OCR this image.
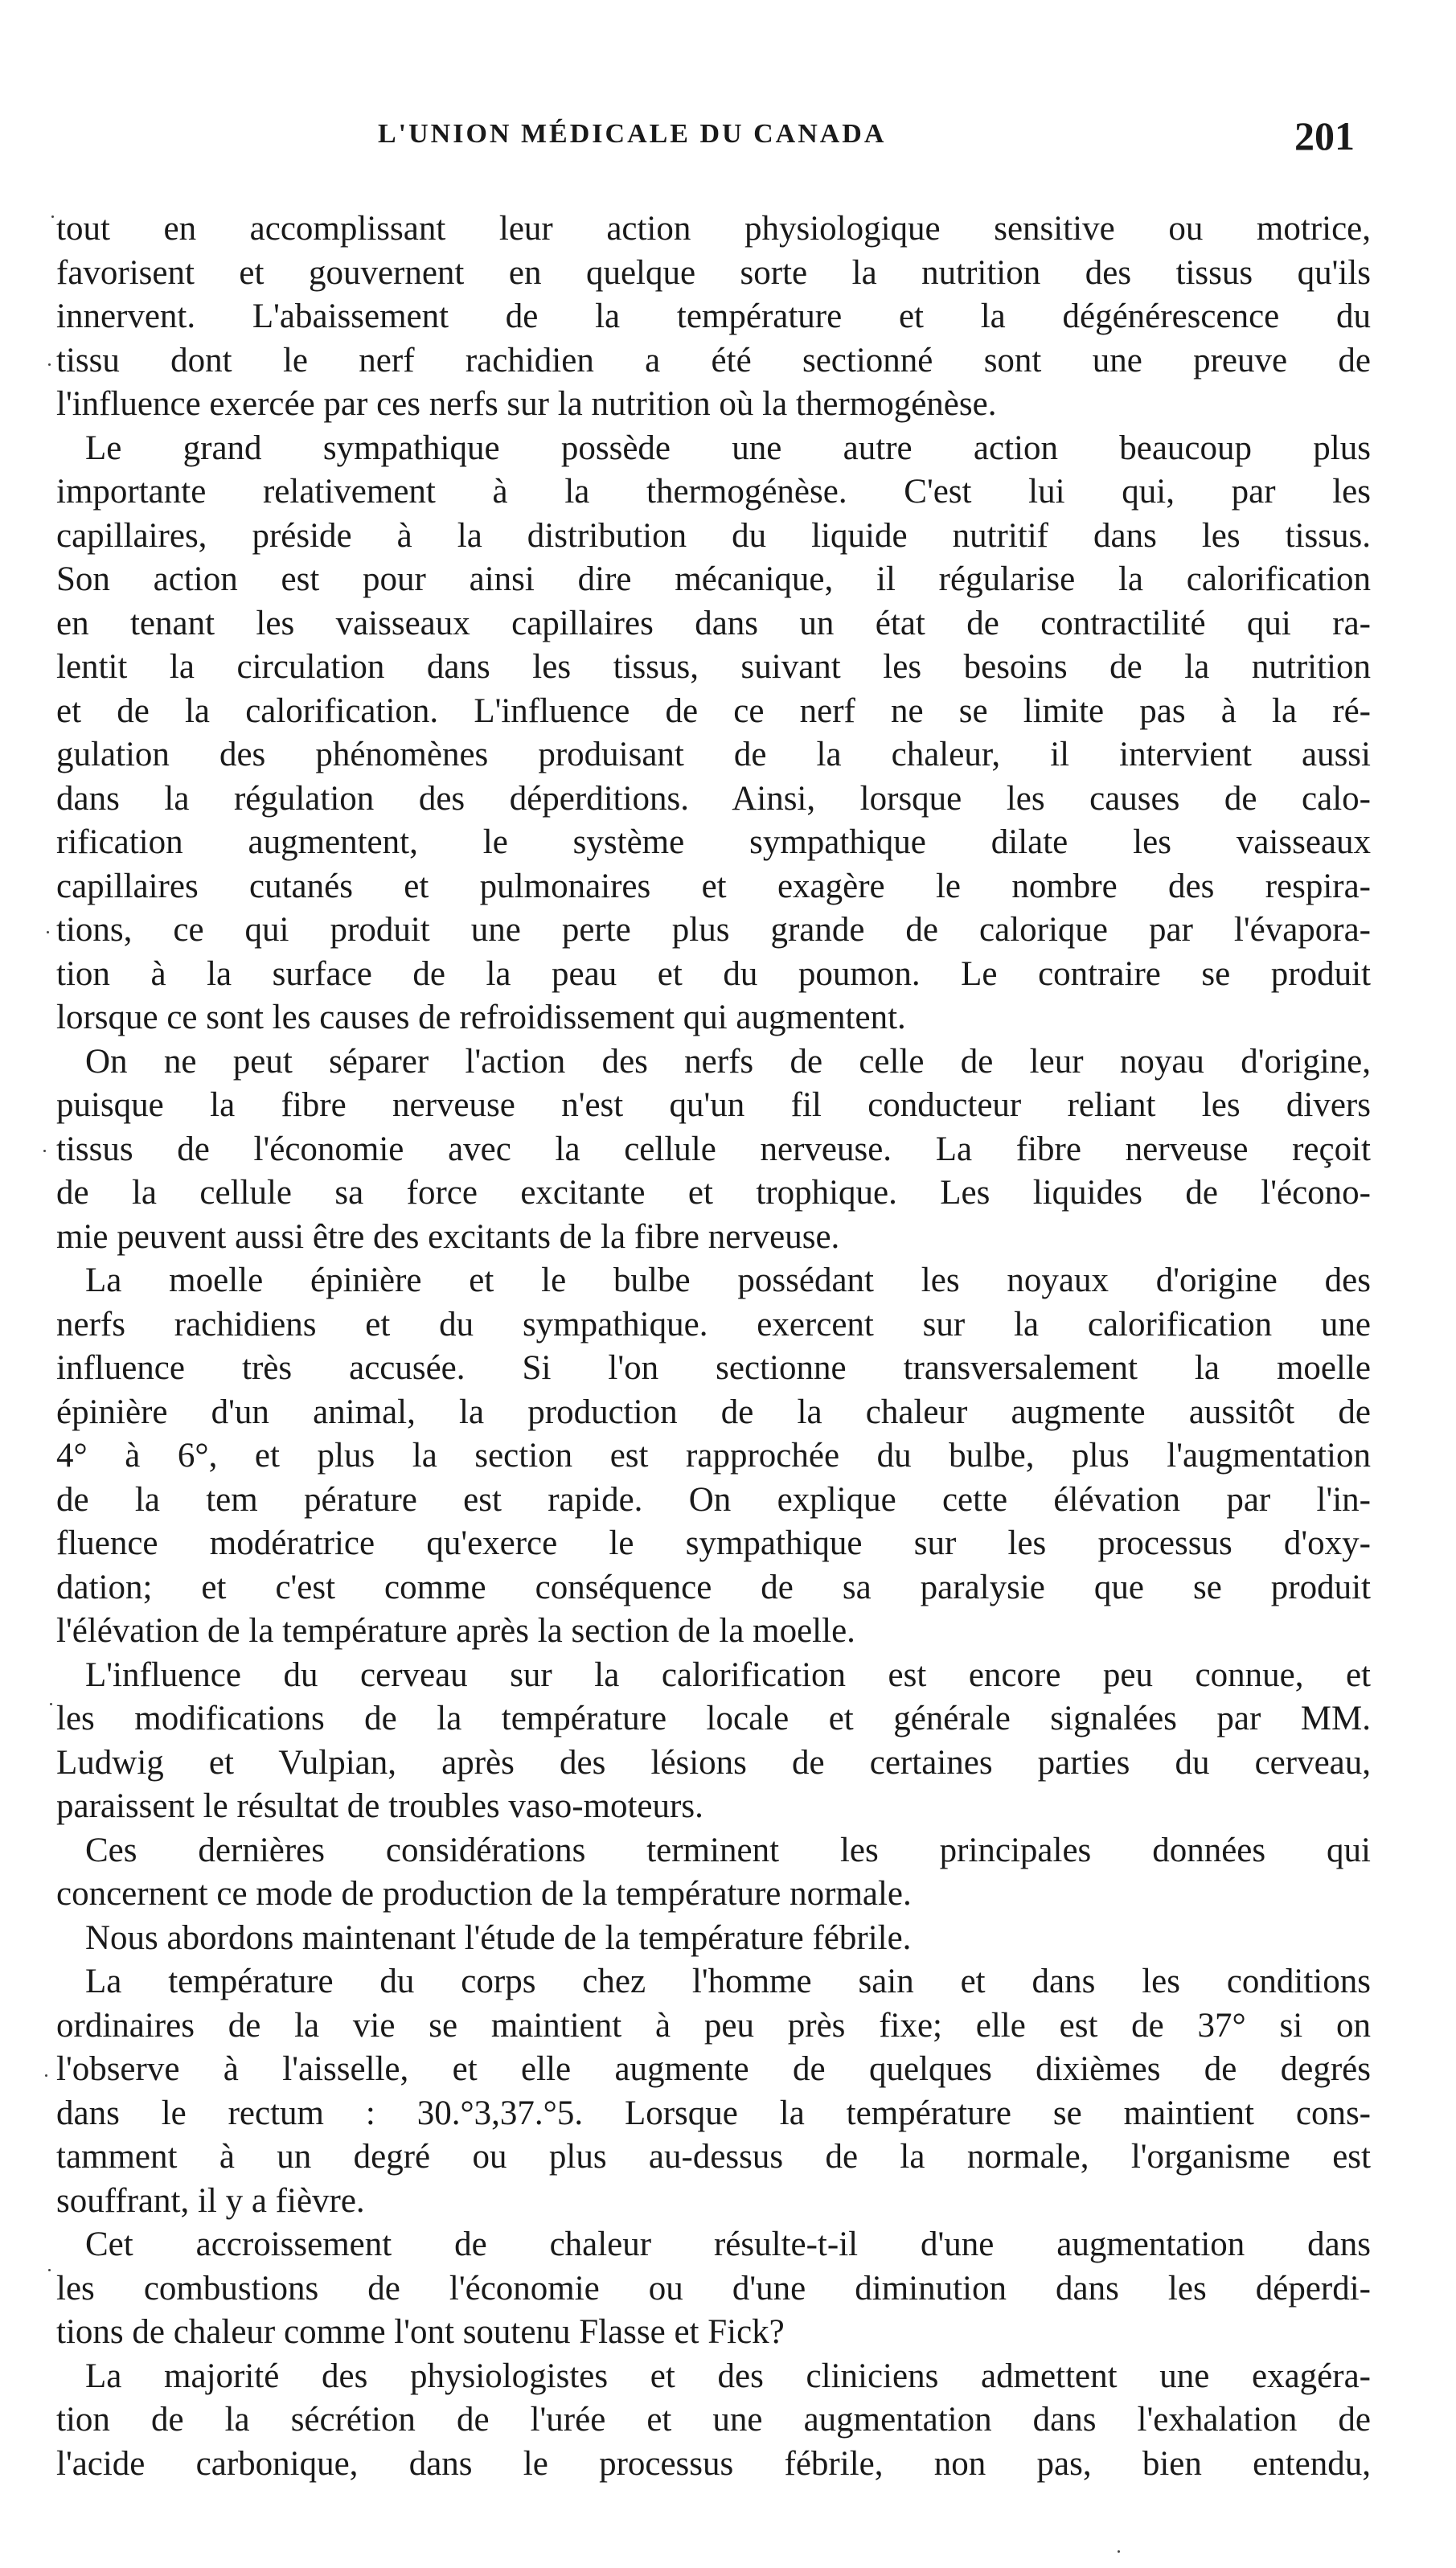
L'UNION MÉDICALE DU CANADA	201
tout en accomplissant leur action physiologique sensitive ou motrice,
favorisent et gouvernent en quelque sorte la nutrition des tissus qu'ils
innervent. L'abaissement de la température et la dégénérescence du
tissu dont le nerf rachidien a été sectionné sont une preuve de
l'influence exercée par ces nerfs sur la nutrition où la thermogénèse.
Le grand sympathique possède une autre action beaucoup plus
importante relativement à la thermogénèse. C'est lui qui, par les
capillaires, préside à la distribution du liquide nutritif dans les tissus.
Son action est pour ainsi dire mécanique, il régularise la calorification
en tenant les vaisseaux capillaires dans un état de contractilité qui ra-
lentit la circulation dans les tissus, suivant les besoins de la nutrition
et de la calorification. L'influence de ce nerf ne se limite pas à la ré-
gulation des phénomènes produisant de la chaleur, il intervient aussi
dans la régulation des déperditions. Ainsi, lorsque les causes de calo-
rification augmentent, le système sympathique dilate les vaisseaux
capillaires cutanés et pulmonaires et exagère le nombre des respira-
tions, ce qui produit une perte plus grande de calorique par l'évapora-
tion à la surface de la peau et du poumon. Le contraire se produit
lorsque ce sont les causes de refroidissement qui augmentent.
On ne peut séparer l'action des nerfs de celle de leur noyau d'origine,
puisque la fibre nerveuse n'est qu'un fil conducteur reliant les divers
tissus de l'économie avec la cellule nerveuse. La fibre nerveuse reçoit
de la cellule sa force excitante et trophique. Les liquides de l'écono-
mie peuvent aussi être des excitants de la fibre nerveuse.
La moelle épinière et le bulbe possédant les noyaux d'origine des
nerfs rachidiens et du sympathique. exercent sur la calorification une
influence très accusée. Si l'on sectionne transversalement la moelle
épinière d'un animal, la production de la chaleur augmente aussitôt de
4° à 6°, et plus la section est rapprochée du bulbe, plus l'augmentation
de la tem pérature est rapide. On explique cette élévation par l'in-
fluence modératrice qu'exerce le sympathique sur les processus d'oxy-
dation; et c'est comme conséquence de sa paralysie que se produit
l'élévation de la température après la section de la moelle.
L'influence du cerveau sur la calorification est encore peu connue, et
les modifications de la température locale et générale signalées par MM.
Ludwig et Vulpian, après des lésions de certaines parties du cerveau,
paraissent le résultat de troubles vaso-moteurs.
Ces dernières considérations terminent les principales données qui
concernent ce mode de production de la température normale.
Nous abordons maintenant l'étude de la température fébrile.
La température du corps chez l'homme sain et dans les conditions
ordinaires de la vie se maintient à peu près fixe; elle est de 37° si on
l'observe à l'aisselle, et elle augmente de quelques dixièmes de degrés
dans le rectum : 30.°3,37.°5. Lorsque la température se maintient cons-
tamment à un degré ou plus au-dessus de la normale, l'organisme est
souffrant, il y a fièvre.
Cet accroissement de chaleur résulte-t-il d'une augmentation dans
les combustions de l'économie ou d'une diminution dans les déperdi-
tions de chaleur comme l'ont soutenu Flasse et Fick?
La majorité des physiologistes et des cliniciens admettent une exagéra-
tion de la sécrétion de l'urée et une augmentation dans l'exhalation de
l'acide carbonique, dans le processus fébrile, non pas, bien entendu,
